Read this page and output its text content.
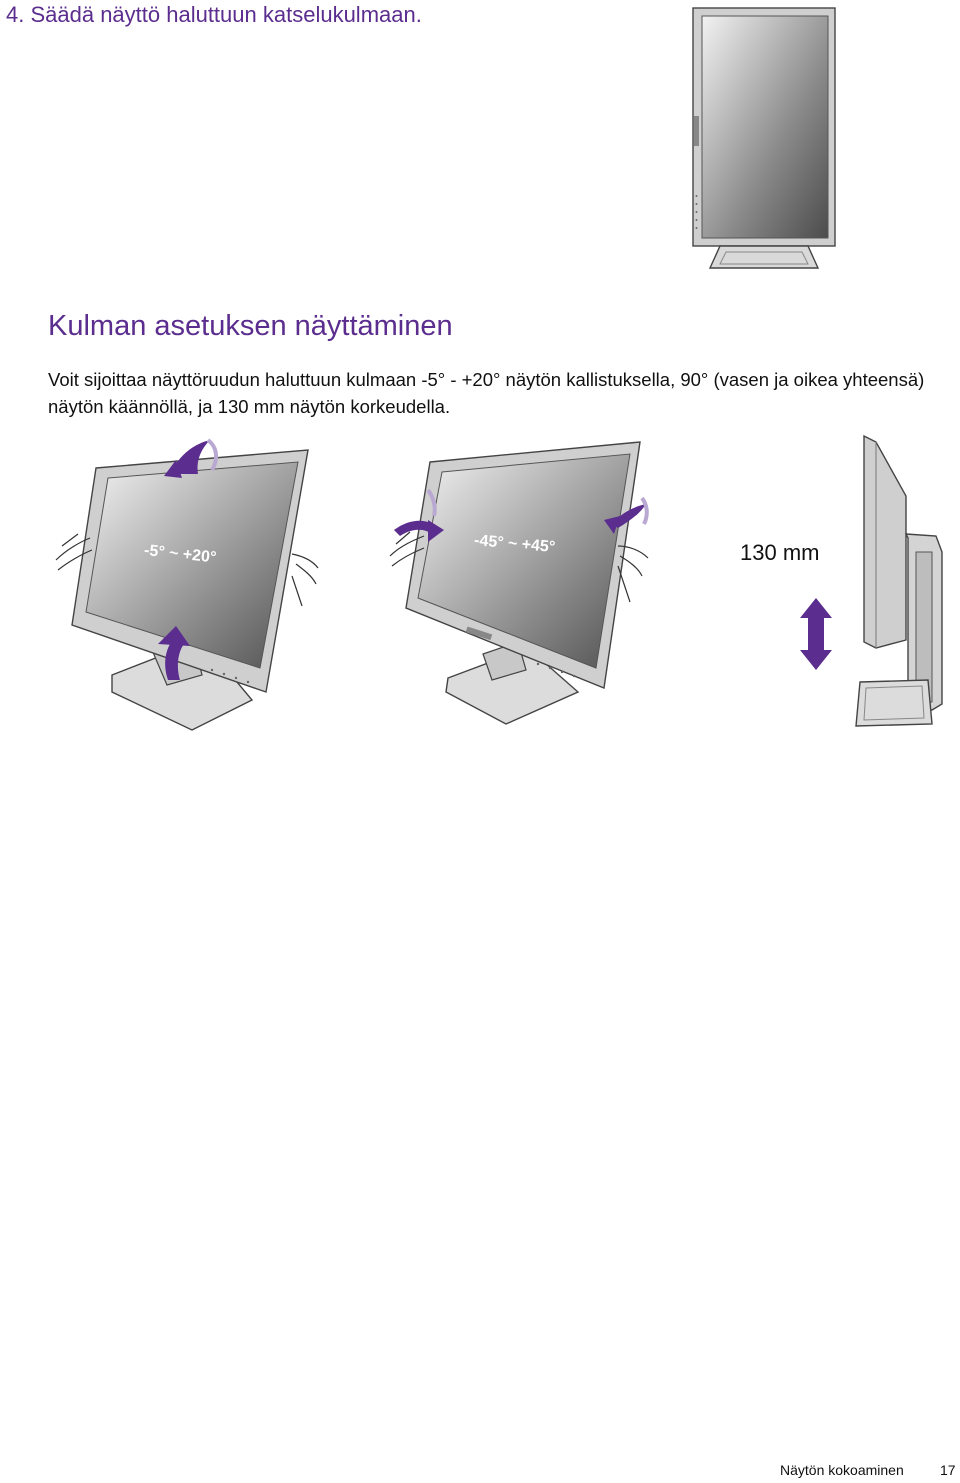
4. Säädä näyttö haluttuun katselukulmaan.
Kulman asetuksen näyttäminen
Voit sijoittaa näyttöruudun haluttuun kulmaan -5° - +20° näytön kallistuksella, 90° (vasen ja oikea yhteensä) näytön käännöllä, ja 130 mm näytön korkeudella.
-5° ~ +20°	-45° ~ +45°	130 mm
Näytön kokoaminen	17
